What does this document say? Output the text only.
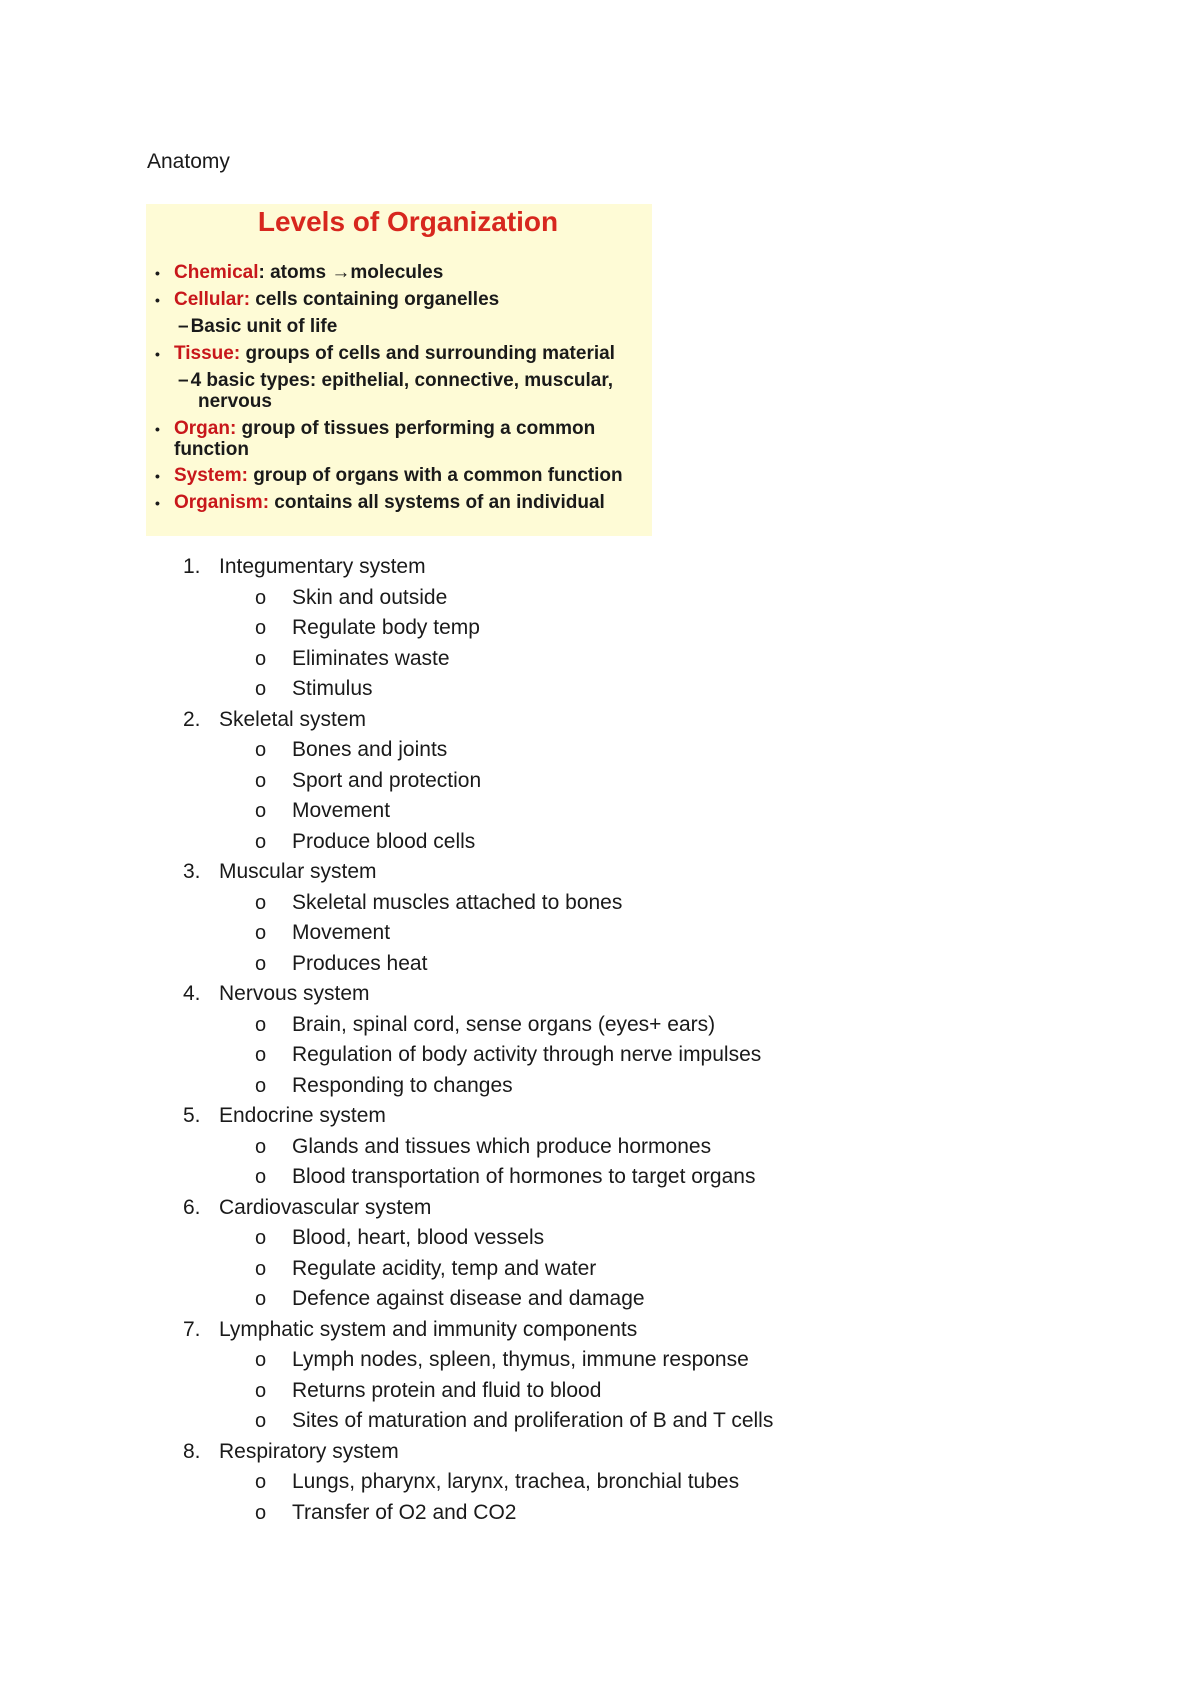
Anatomy
Levels of Organization
• Chemical: atoms →molecules
• Cellular: cells containing organelles
– Basic unit of life
• Tissue: groups of cells and surrounding material
– 4 basic types: epithelial, connective, muscular,
nervous
• Organ: group of tissues performing a common
function
• System: group of organs with a common function
• Organism: contains all systems of an individual
1. Integumentary system
o Skin and outside
o Regulate body temp
o Eliminates waste
o Stimulus
2. Skeletal system
o Bones and joints
o Sport and protection
o Movement
o Produce blood cells
3. Muscular system
o Skeletal muscles attached to bones
o Movement
o Produces heat
4. Nervous system
o Brain, spinal cord, sense organs (eyes+ ears)
o Regulation of body activity through nerve impulses
o Responding to changes
5. Endocrine system
o Glands and tissues which produce hormones
o Blood transportation of hormones to target organs
6. Cardiovascular system
o Blood, heart, blood vessels
o Regulate acidity, temp and water
o Defence against disease and damage
7. Lymphatic system and immunity components
o Lymph nodes, spleen, thymus, immune response
o Returns protein and fluid to blood
o Sites of maturation and proliferation of B and T cells
8. Respiratory system
o Lungs, pharynx, larynx, trachea, bronchial tubes
o Transfer of O2 and CO2
